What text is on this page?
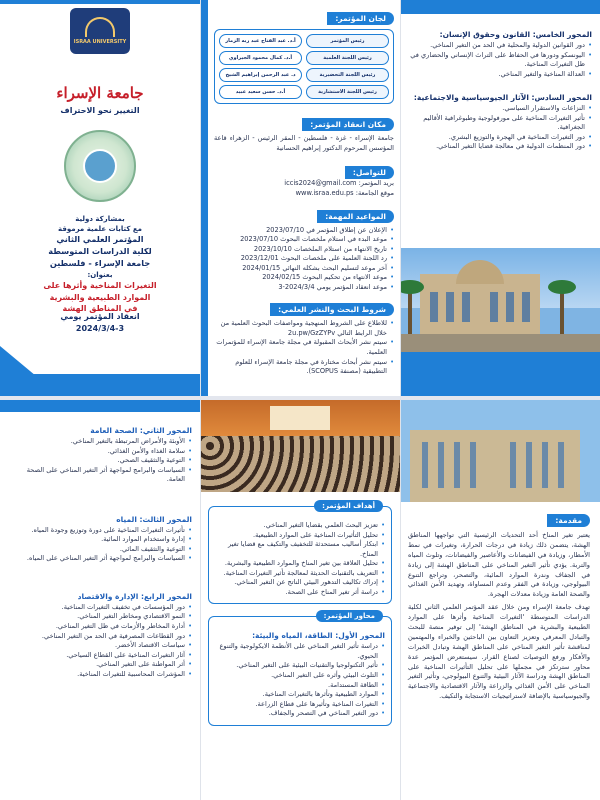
ISRAA UNIVERSITY
جامعة الإسراء
التغيير نحو الاحتراف
بمشاركة دولية
مع كتابات علمية مرموقة
المؤتمر العلمي الثاني
لكلية الدراسات المتوسطة
جامعة الإسراء - فلسطين
بعنوان:
التغيرات المناخية وأثرها على
الموارد الطبيعية والبشرية
في المناطق الهشة
انعقاد المؤتمر يومي
2024/3/4-3
لجان المؤتمر:
رئيس المؤتمر
أ.د. عبد الفتاح عبد ربه الزمار
رئيس اللجنة العلمية
أ.د. كمال محمود الجيراوي
رئيس اللجنة التحضيرية
د. عبد الرحمن إبراهيم الشيخ
رئيس اللجنة الاستشارية
أ.د. حسن سعيد عبيد
مكان انعقاد المؤتمر:
جامعة الإسراء - غزة - فلسطين - المقر الرئيس - الزهراء قاعة المؤسس المرحوم الدكتور إبراهيم الحسانية
للتواصل:
بريد المؤتمر: iccis2024@gmail.com
موقع الجامعة: www.israa.edu.ps
المواعيد المهمة:
• الإعلان عن إطلاق المؤتمر في 2023/07/10
• موعد البدء في استلام ملخصات البحوث 2023/07/10
• تاريخ الانتهاء من استلام الملخصات 2023/10/10
• رد اللجنة العلمية على ملخصات البحوث 2023/12/01
• آخر موعد لتسليم البحث بشكله النهائي 2024/01/15
• موعد الانتهاء من تحكيم البحوث 2024/02/15
• موعد انعقاد المؤتمر يومي 2024/3/4-3
شروط البحث والنشر العلمي:
• للاطلاع على الشروط المنهجية ومواصفات البحوث العلمية من خلال الرابط التالي 2u.pw/GzZYPv
• سيتم نشر الأبحاث المقبولة في مجلة جامعة الإسراء للمؤتمرات العلمية.
• سيتم نشر أبحاث مختارة في مجلة جامعة الإسراء للعلوم التطبيقية (مصنفة SCOPUS).
المحور الخامس: القانون وحقوق الإنسان:
• دور القوانين الدولية والمحلية في الحد من التغير المناخي.
• اليونسكو ودورها في الحفاظ على التراث الإنساني والحضاري في ظل التغيرات المناخية.
• العدالة المناخية والتغير المناخي.
المحور السادس: الآثار الجيوسياسية والاجتماعية:
• النزاعات والاستقرار السياسي.
• تأثير التغيرات المناخية على مورفولوجية وطبوغرافية الأقاليم الجغرافية.
• دور التغيرات المناخية في الهجرة والتوزيع البشري.
• دور المنظمات الدولية في معالجة قضايا التغير المناخي.
المحور الثاني: الصحة العامة
• الأوبئة والأمراض المرتبطة بالتغير المناخي.
• سلامة الغذاء والأمن الغذائي.
• التوعية والتثقيف الصحي.
• السياسات والبرامج لمواجهة أثر التغير المناخي على الصحة العامة.
المحور الثالث: المياه
• تأثيرات التغيرات المناخية على دورة وتوزيع وجودة المياه.
• إدارة واستخدام الموارد المائية.
• التوعية والتثقيف المائي.
• السياسات والبرامج لمواجهة أثر التغير المناخي على المياه.
المحور الرابع: الإدارة والاقتصاد
• دور المؤسسات في تخفيف التغيرات المناخية.
• النمو الاقتصادي ومخاطر التغير المناخي.
• أدارة المخاطر والأزمات في ظل التغير المناخي.
• دور القطاعات المصرفية في الحد من التغير المناخي.
• سياسات الاقتصاد الأخضر.
• آثار التغيرات المناخية على القطاع السياحي.
• أثر المواطنة على التغير المناخي.
• المؤشرات المحاسبية للتغيرات المناخية.
أهداف المؤتمر:
• تعزيز البحث العلمي بقضايا التغير المناخي.
• تحليل التأثيرات المناخية على الموارد الطبيعية.
• ابتكار أساليب مستحدثة للتخفيف والتكيف مع قضايا تغير المناخ.
• تحليل العلاقة بين تغير المناخ والموارد الطبيعية والبشرية.
• التعريف بالتقنيات الحديثة لمعالجة تأثير التغيرات المناخية.
• إدراك تكاليف التدهور البيئي الناتج عن التغير المناخي.
• دراسة أثر تغير المناخ على الصحة.
محاور المؤتمر:
المحور الأول: الطاقة، المياه والبيئة:
• دراسة تأثير التغير المناخي على الأنظمة الايكولوجية والتنوع الحيوي.
• تأثير التكنولوجيا والتقنيات البيئية على التغير المناخي.
• التلوث البيئي وأثره على التغير المناخي.
• الطاقة المستدامة.
• الموارد الطبيعية وتأثرها بالتغيرات المناخية.
• التغيرات المناخية وتأثيرها على قطاع الزراعة.
• دور التغير المناخي في التصحر والجفاف.
مقدمة:
يعتبر تغير المناخ أحد التحديات الرئيسية التي تواجهها المناطق الهشة، يتضمن ذلك زيادة في درجات الحرارة، وتغيرات في نمط الأمطار، وزيادة في الفيضانات والأعاصير والفيضانات، وتلوث المياه والتربة. يؤدي تأثير التغير المناخي على المناطق الهشة إلى زيادة في الجفاف وندرة الموارد المائية، والتصحر، وتراجع التنوع البيولوجي، وزيادة في الفقر وعدم المساواة، وتهديد الأمن الغذائي والصحة العامة وزيادة معدلات الهجرة.
تهدف جامعة الإسراء ومن خلال عقد المؤتمر العلمي الثاني لكلية الدراسات المتوسطة 'التغيرات المناخية وأثرها على الموارد الطبيعية والبشرية في المناطق الهشة' إلى توفير منصة للبحث والتبادل المعرفي وتعزيز التعاون بين الباحثين والخبراء والمهتمين لمناقشة تأثير التغير المناخي على المناطق الهشة وتبادل الخبرات والأفكار ورفع التوصيات لصناع القرار. سيستعرض المؤتمر عدة محاور سترتكز في مجملها على تحليل التأثيرات المناخية على المناطق الهشة ودراسة الآثار البيئية والتنوع البيولوجي، وتأثير التغير المناخي على الأمن الغذائي والزراعة والآثار الاقتصادية والاجتماعية والجيوسياسية بالإضافة لاستراتيجيات الاستجابة والتكيف.
